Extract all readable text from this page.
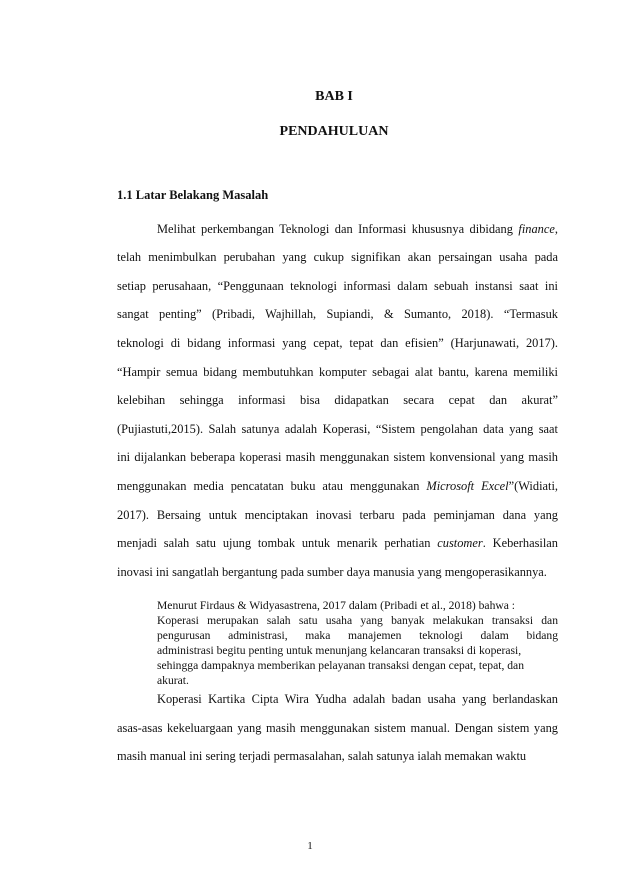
BAB I

PENDAHULUAN

1.1 Latar Belakang Masalah

Melihat perkembangan Teknologi dan Informasi khususnya dibidang finance,

telah menimbulkan perubahan yang cukup signifikan akan persaingan usaha pada

setiap perusahaan, “Penggunaan teknologi informasi dalam sebuah instansi saat ini

sangat penting” (Pribadi, Wajhillah, Supiandi, & Sumanto, 2018). “Termasuk

teknologi di bidang informasi yang cepat, tepat dan efisien” (Harjunawati, 2017).

“Hampir semua bidang membutuhkan komputer sebagai alat bantu, karena memiliki

kelebihan sehingga informasi bisa didapatkan secara cepat dan akurat”

(Pujiastuti,2015). Salah satunya adalah Koperasi, “Sistem pengolahan data yang saat

ini dijalankan beberapa koperasi masih menggunakan sistem konvensional yang masih

menggunakan media pencatatan buku atau menggunakan Microsoft Excel”(Widiati,

2017). Bersaing untuk menciptakan inovasi terbaru pada peminjaman dana yang

menjadi salah satu ujung tombak untuk menarik perhatian customer. Keberhasilan

inovasi ini sangatlah bergantung pada sumber daya manusia yang mengoperasikannya.

Menurut Firdaus & Widyasastrena, 2017 dalam (Pribadi et al., 2018) bahwa :

Koperasi merupakan salah satu usaha yang banyak melakukan transaksi dan

pengurusan administrasi, maka manajemen teknologi dalam bidang

administrasi begitu penting untuk menunjang kelancaran transaksi di koperasi,

sehingga dampaknya memberikan pelayanan transaksi dengan cepat, tepat, dan

akurat.

Koperasi Kartika Cipta Wira Yudha adalah badan usaha yang berlandaskan

asas-asas kekeluargaan yang masih menggunakan sistem manual. Dengan sistem yang

masih manual ini sering terjadi permasalahan, salah satunya ialah memakan waktu

1
